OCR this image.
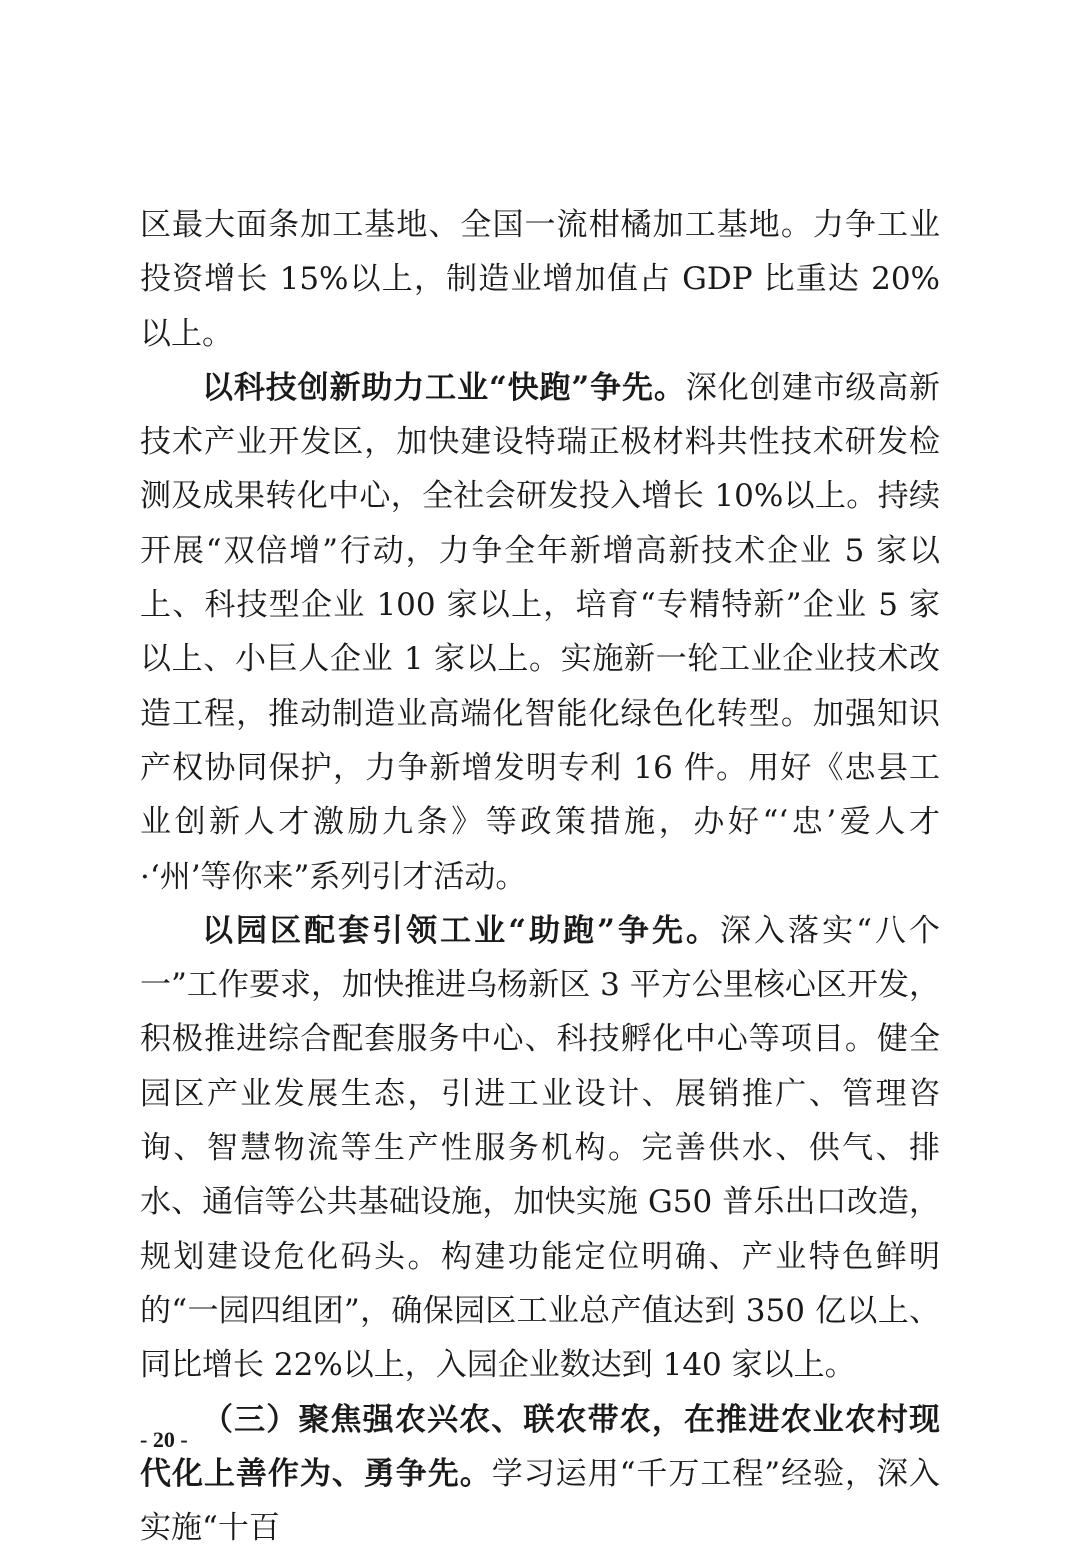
区最大面条加工基地、全国一流柑橘加工基地。力争工业投资增长 15%以上，制造业增加值占 GDP 比重达 20%以上。

以科技创新助力工业“快跑”争先。深化创建市级高新技术产业开发区，加快建设特瑞正极材料共性技术研发检测及成果转化中心，全社会研发投入增长 10%以上。持续开展“双倍增”行动，力争全年新增高新技术企业 5 家以上、科技型企业 100 家以上，培育“专精特新”企业 5 家以上、小巨人企业 1 家以上。实施新一轮工业企业技术改造工程，推动制造业高端化智能化绿色化转型。加强知识产权协同保护，力争新增发明专利 16 件。用好《忠县工业创新人才激励九条》等政策措施，办好“‘忠’爱人才·‘州’等你来”系列引才活动。

以园区配套引领工业“助跑”争先。深入落实“八个一”工作要求，加快推进乌杨新区 3 平方公里核心区开发，积极推进综合配套服务中心、科技孵化中心等项目。健全园区产业发展生态，引进工业设计、展销推广、管理咨询、智慧物流等生产性服务机构。完善供水、供气、排水、通信等公共基础设施，加快实施 G50 普乐出口改造，规划建设危化码头。构建功能定位明确、产业特色鲜明的“一园四组团”，确保园区工业总产值达到 350 亿以上、同比增长 22%以上，入园企业数达到 140 家以上。

（三）聚焦强农兴农、联农带农，在推进农业农村现代化上善作为、勇争先。学习运用“千万工程”经验，深入实施“十百

- 20 -
